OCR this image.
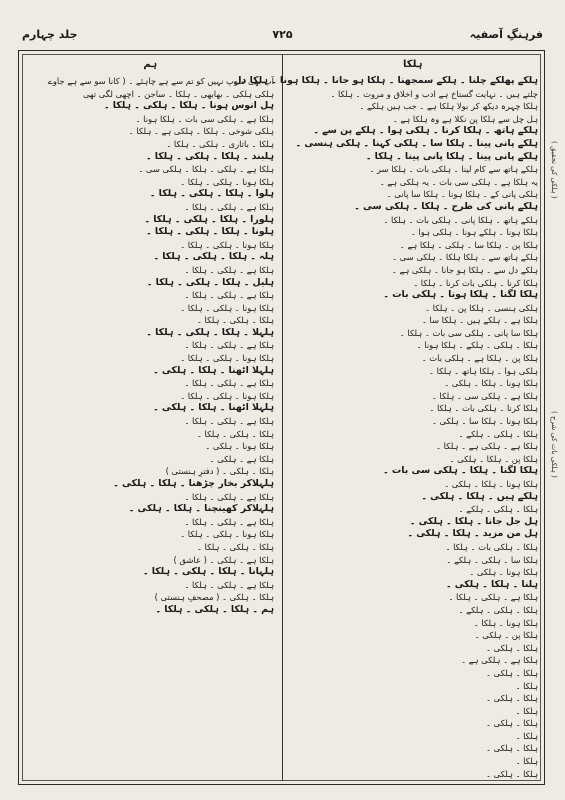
فرہنگِ آصفیہ
۷۲۵
جلد چہارم
ہلکا
ہم
ہلکے پھلکے چلنا ۔ ہلکے سمجھنا ۔ ہلکا ہو جانا ۔ ہلکا ہونا ۔ ہلکا دل
چلتے ہیں ۔ نہایت گستاخ ہے ادب و اخلاق و مروت ۔ ہلکا ۔
ہلکا چہرہ دیکھ کر بولا ہلکا ہے ۔ جب ہیں ہلکے ۔
ہل چل سے ہلکا پن نکلا ہے وہ ہلکا ہے ۔
ہلکے ہاتھ ۔ ہلکا کرنا ۔ ہلکی ہوا ۔ ہلکے پن سے ۔
ہلکے پانی پینا ۔ ہلکا سا ۔ ہلکی کہنا ۔ ہلکی ہنسی ۔
ہلکے پانی پینا ۔ ہلکا پانی پینا ۔ ہلکا ۔
ہلکے ہاتھ سے کام لینا ۔ ہلکی بات ۔ ہلکا سر ۔
یہ ہلکا ہے ۔ ہلکی سی بات ۔ یہ ہلکی ہے ۔
ہلکی پانی کے ۔ ہلکا ہونا ۔ ہلکا سا پانی ۔
ہلکے پانی کی طرح ۔ ہلکا ۔ ہلکی سی ۔
ہلکے ہاتھ ۔ ہلکا پانی ۔ ہلکی بات ۔ ہلکا ۔
ہلکا ہونا ۔ ہلکے ہونا ۔ ہلکی ہوا ۔
ہلکا پن ۔ ہلکا سا ۔ ہلکی ۔ ہلکا ہے ۔
ہلکے ہاتھ سے ۔ ہلکا ہلکا ۔ ہلکی سی ۔
ہلکے دل سے ۔ ہلکا ہو جانا ۔ ہلکی ہے ۔
ہلکا کرنا ۔ ہلکی بات کرنا ۔ ہلکا ۔
ہلکا لگنا ۔ ہلکا ہونا ۔ ہلکی بات ۔
ہلکی ہنسی ۔ ہلکا پن ۔ ہلکا ۔
ہلکا ہے ۔ ہلکے ہیں ۔ ہلکا سا ۔
ہلکا سا پانی ۔ ہلکی سی بات ۔ ہلکا ۔
ہلکا ۔ ہلکی ۔ ہلکے ۔ ہلکا ہونا ۔
ہلکا پن ۔ ہلکا ہے ۔ ہلکی بات ۔
ہلکی ہوا ۔ ہلکا ہاتھ ۔ ہلکا ۔
ہلکا ہونا ۔ ہلکا ۔ ہلکی ۔
ہلکا ہے ۔ ہلکی سی ۔ ہلکا ۔
ہلکا کرنا ۔ ہلکی بات ۔ ہلکا ۔
ہلکا ہونا ۔ ہلکا سا ۔ ہلکی ۔
ہلکا ۔ ہلکی ۔ ہلکے ۔
ہلکا ہے ۔ ہلکی ہے ۔ ہلکا ۔
ہلکا پن ۔ ہلکا ۔ ہلکی ۔
ہلکا لگنا ۔ ہلکا ۔ ہلکی سی بات ۔
ہلکا ہونا ۔ ہلکا ۔ ہلکی ۔
ہلکے ہیں ۔ ہلکا ۔ ہلکی ۔
ہلکا ۔ ہلکی ۔ ہلکے ۔
ہل جل جانا ۔ ہلکا ۔ ہلکی ۔
ہل من مزید ۔ ہلکا ۔ ہلکی ۔
ہلکا ۔ ہلکی بات ۔ ہلکا ۔
ہلکا سا ۔ ہلکی ۔ ہلکے ۔
ہلکا ہونا ۔ ہلکی ۔
ہلنا ۔ ہلکا ۔ ہلکی ۔
ہلکا ہے ۔ ہلکی ۔ ہلکا ۔
ہلکا ۔ ہلکی ۔ ہلکے ۔
ہلکا ہونا ۔ ہلکا ۔
ہلکا پن ۔ ہلکی ۔
ہلکا ۔ ہلکی ۔
ہلکا ہے ۔ ہلکی ہے ۔
ہلکا ۔ ہلکی ۔
ہلکا ۔
ہلکا ۔ ہلکی ۔
ہلکا ۔
ہلکا ۔ ہلکی ۔
ہلکا ۔
ہلکا ۔ ہلکی ۔
ہلکا ۔
ہلکا ۔ ہلکی ۔
آپ بھی سوپ نہیں کو تم سے ہے چاہئے ۔ ( کانا سو سے ہے جاوے
ہلکی ہلکی ۔ بھابھی ۔ ہلکا ۔ ساجن ۔ اچھی لگی تھی
ہل انوس ہونا ۔ ہلکا ۔ ہلکی ۔ ہلکا ۔
ہلکا ہے ۔ ہلکی سی بات ۔ ہلکا ہونا ۔
ہلکی شوخی ۔ ہلکا ۔ ہلکی ہے ۔ ہلکا ۔
ہلکا ۔ باتاری ۔ ہلکی ۔ ہلکا ۔
ہلبند ۔ ہلکا ۔ ہلکی ۔ ہلکا ۔
ہلکا ہے ۔ ہلکی ۔ ہلکا ۔ ہلکی سی ۔
ہلکا ہونا ۔ ہلکی ۔ ہلکا ۔
ہلوا ۔ ہلکا ۔ ہلکی ۔ ہلکا ۔
ہلکا ہے ۔ ہلکی ۔ ہلکا ۔
ہلورا ۔ ہلکا ۔ ہلکی ۔ ہلکا ۔
ہلونا ۔ ہلکا ۔ ہلکی ۔ ہلکا ۔
ہلکا ہونا ۔ ہلکی ۔ ہلکا ۔
ہلہ ۔ ہلکا ۔ ہلکی ۔ ہلکا ۔
ہلکا ہے ۔ ہلکی ۔ ہلکا ۔
ہلیل ۔ ہلکا ۔ ہلکی ۔ ہلکا ۔
ہلکا ہے ۔ ہلکی ۔ ہلکا ۔
ہلکا ہونا ۔ ہلکی ۔ ہلکا ۔
ہلکا ۔ ہلکی ۔ ہلکا ۔
ہلہلا ۔ ہلکا ۔ ہلکی ۔ ہلکا ۔
ہلکا ہے ۔ ہلکی ۔ ہلکا ۔
ہلکا ہونا ۔ ہلکی ۔ ہلکا ۔
ہلہلا اٹھنا ۔ ہلکا ۔ ہلکی ۔
ہلکا ہے ۔ ہلکی ۔ ہلکا ۔
ہلکا ہونا ۔ ہلکی ۔ ہلکا ۔
ہلہلا اٹھنا ۔ ہلکا ۔ ہلکی ۔
ہلکا ہے ۔ ہلکی ۔ ہلکا ۔
ہلکا ۔ ہلکی ۔ ہلکا ۔
ہلکا ہونا ۔ ہلکی ۔
ہلکا ہے ۔ ہلکی ۔
ہلکا ۔ ہلکی ۔ ( دفترِ ہنستی )
ہلہلاکر بخار چڑھنا ۔ ہلکا ۔ ہلکی ۔
ہلکا ہے ۔ ہلکی ۔ ہلکا ۔
ہلہلاکر کھینچنا ۔ ہلکا ۔ ہلکی ۔
ہلکا ہے ۔ ہلکی ۔ ہلکا ۔
ہلکا ہونا ۔ ہلکی ۔ ہلکا ۔
ہلکا ۔ ہلکی ۔ ہلکا ۔
ہلکا ہے ۔ ہلکی ۔ ( عاشق )
ہلہانا ۔ ہلکا ۔ ہلکی ۔ ہلکا ۔
ہلکا ہے ۔ ہلکی ۔ ہلکا ۔
ہلکا ۔ ہلکی ۔ ( مصحفِ ہنستی )
ہم ۔ ہلکا ۔ ہلکی ۔ ہلکا ۔
( ہلکی کی تحقیق )
( ہلکی بات کی شرح )
